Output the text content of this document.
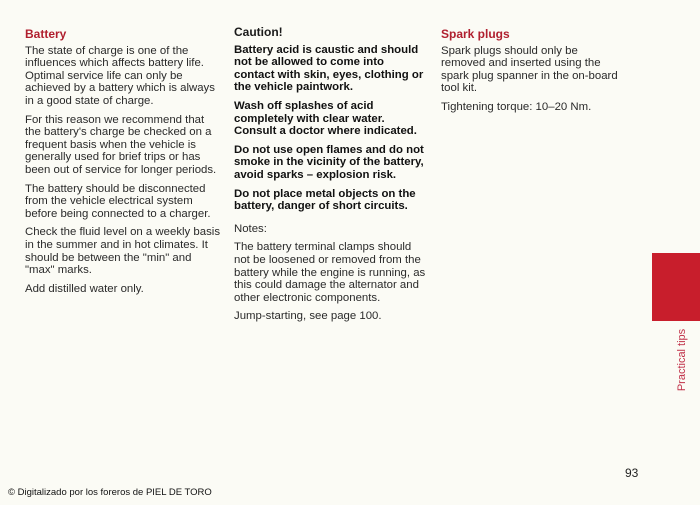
Battery

The state of charge is one of the influences which affects battery life. Optimal service life can only be achieved by a battery which is always in a good state of charge.

For this reason we recommend that the battery's charge be checked on a frequent basis when the vehicle is generally used for brief trips or has been out of service for longer periods.

The battery should be disconnected from the vehicle electrical system before being connected to a charger.

Check the fluid level on a weekly basis in the summer and in hot climates. It should be between the "min" and "max" marks.

Add distilled water only.

Caution!

Battery acid is caustic and should not be allowed to come into contact with skin, eyes, clothing or the vehicle paintwork.

Wash off splashes of acid completely with clear water. Consult a doctor where indicated.

Do not use open flames and do not smoke in the vicinity of the battery, avoid sparks – explosion risk.

Do not place metal objects on the battery, danger of short circuits.

Notes:

The battery terminal clamps should not be loosened or removed from the battery while the engine is running, as this could damage the alternator and other electronic components.

Jump-starting, see page 100.

Spark plugs

Spark plugs should only be removed and inserted using the spark plug spanner in the on-board tool kit.

Tightening torque: 10–20 Nm.

Practical tips
93
© Digitalizado por los foreros de PIEL DE TORO
